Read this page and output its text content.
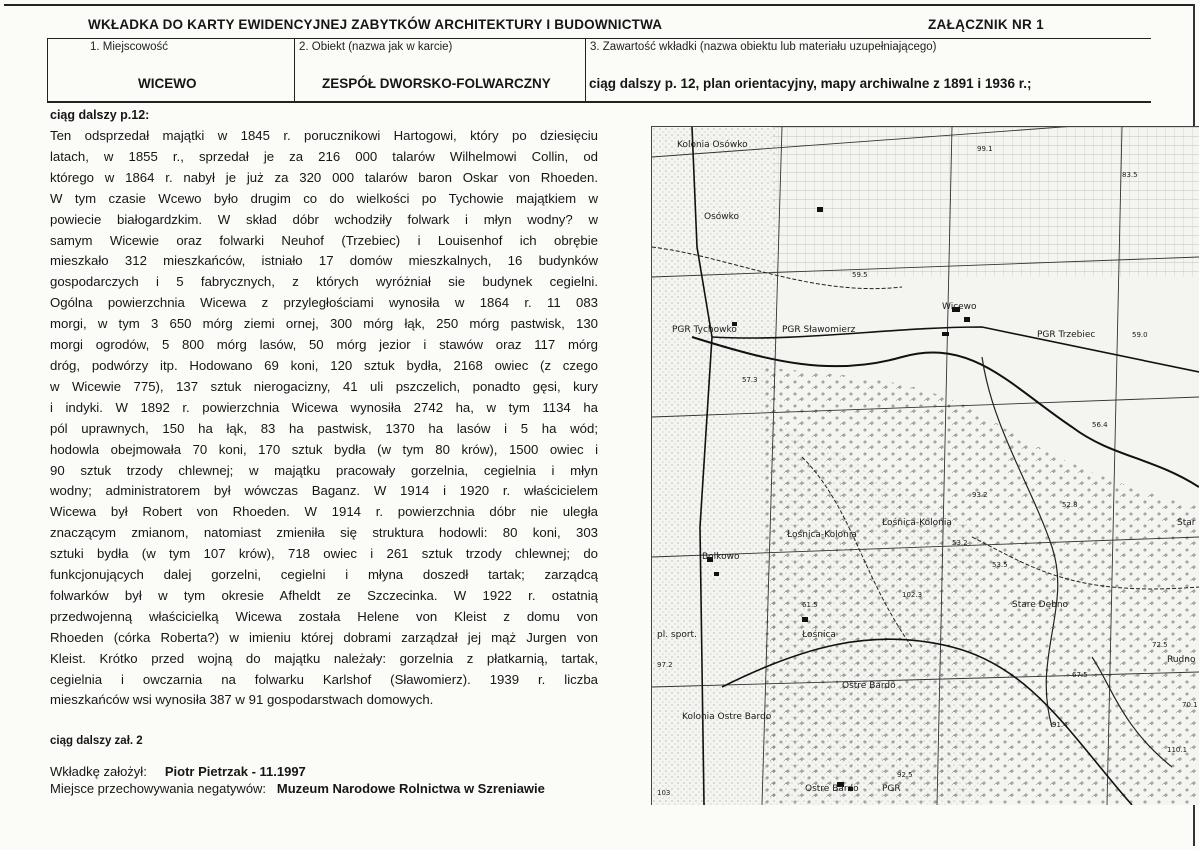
WKŁADKA DO KARTY EWIDENCYJNEJ ZABYTKÓW ARCHITEKTURY I BUDOWNICTWA	ZAŁĄCZNIK NR 1
1. Miejscowość
WICEWO
2. Obiekt (nazwa jak w karcie)
ZESPÓŁ DWORSKO-FOLWARCZNY
3. Zawartość wkładki (nazwa obiektu lub materiału uzupełniającego)
ciąg dalszy p. 12, plan orientacyjny, mapy archiwalne z 1891 i 1936 r.;
ciąg dalszy p.12:
Ten odsprzedał majątki w 1845 r. porucznikowi Hartogowi, który po dziesięciu
latach, w 1855 r., sprzedał je za 216 000 talarów Wilhelmowi Collin, od
którego w 1864 r. nabył je już za 320 000 talarów baron Oskar von Rhoeden.
W tym czasie Wcewo było drugim co do wielkości po Tychowie majątkiem w
powiecie białogardzkim. W skład dóbr wchodziły folwark i młyn wodny? w
samym Wicewie oraz folwarki Neuhof (Trzebiec) i Louisenhof ich obrębie
mieszkało 312 mieszkańców, istniało 17 domów mieszkalnych, 16 budynków
gospodarczych i 5 fabrycznych, z których wyróżniał sie budynek cegielni.
Ogólna powierzchnia Wicewa z przyległościami wynosiła w 1864 r. 11 083
morgi, w tym 3 650 mórg ziemi ornej, 300 mórg łąk, 250 mórg pastwisk, 130
morgi ogrodów, 5 800 mórg lasów, 50 mórg jezior i stawów oraz 117 mórg
dróg, podwórzy itp. Hodowano 69 koni, 120 sztuk bydła, 2168 owiec (z czego
w Wicewie 775), 137 sztuk nierogacizny, 41 uli pszczelich, ponadto gęsi, kury
i indyki. W 1892 r. powierzchnia Wicewa wynosiła 2742 ha, w tym 1134 ha
pól uprawnych, 150 ha łąk, 83 ha pastwisk, 1370 ha lasów i 5 ha wód;
hodowla obejmowała 70 koni, 170 sztuk bydła (w tym 80 krów), 1500 owiec i
90 sztuk trzody chlewnej; w majątku pracowały gorzelnia, cegielnia i młyn
wodny; administratorem był wówczas Baganz. W 1914 i 1920 r. właścicielem
Wicewa był Robert von Rhoeden. W 1914 r. powierzchnia dóbr nie uległa
znaczącym zmianom, natomiast zmieniła się struktura hodowli: 80 koni, 303
sztuki bydła (w tym 107 krów), 718 owiec i 261 sztuk trzody chlewnej; do
funkcjonujących dalej gorzelni, cegielni i młyna doszedł tartak; zarządcą
folwarków był w tym okresie Afheldt ze Szczecinka. W 1922 r. ostatnią
przedwojenną właścicielką Wicewa została Helene von Kleist z domu von
Rhoeden (córka Roberta?) w imieniu której dobrami zarządzał jej mąż Jurgen von
Kleist. Krótko przed wojną do majątku należały: gorzelnia z płatkarnią, tartak,
cegielnia i owczarnia na folwarku Karlshof (Sławomierz). 1939 r. liczba
mieszkańców wsi wynosiła 387 w 91 gospodarstwach domowych.
ciąg dalszy zał. 2
Wkładkę założył: Piotr Pietrzak - 11.1997
Miejsce przechowywania negatywów: Muzeum Narodowe Rolnictwa w Szreniawie
Kolonia Osówko
Osówko
PGR Tychowko	PGR Sławomierz
Wicewo
PGR Trzebiec
Łośnica-Kolonia
Łośnica-Kolonia
Bolkowo
Łośnica
Ostre Bardo
Kolonia Ostre Bardo
Ostre Bardo	PGR
Stare Dębno
Rudno
pl. sport.
Star
99.1
83.5
59.5
59.0
57.3
56.4
52.8
53.2
53.5
72.5
67.5
97.2
70.1
91.4
92.5
110.1
103
93.2
102.3
61.5
